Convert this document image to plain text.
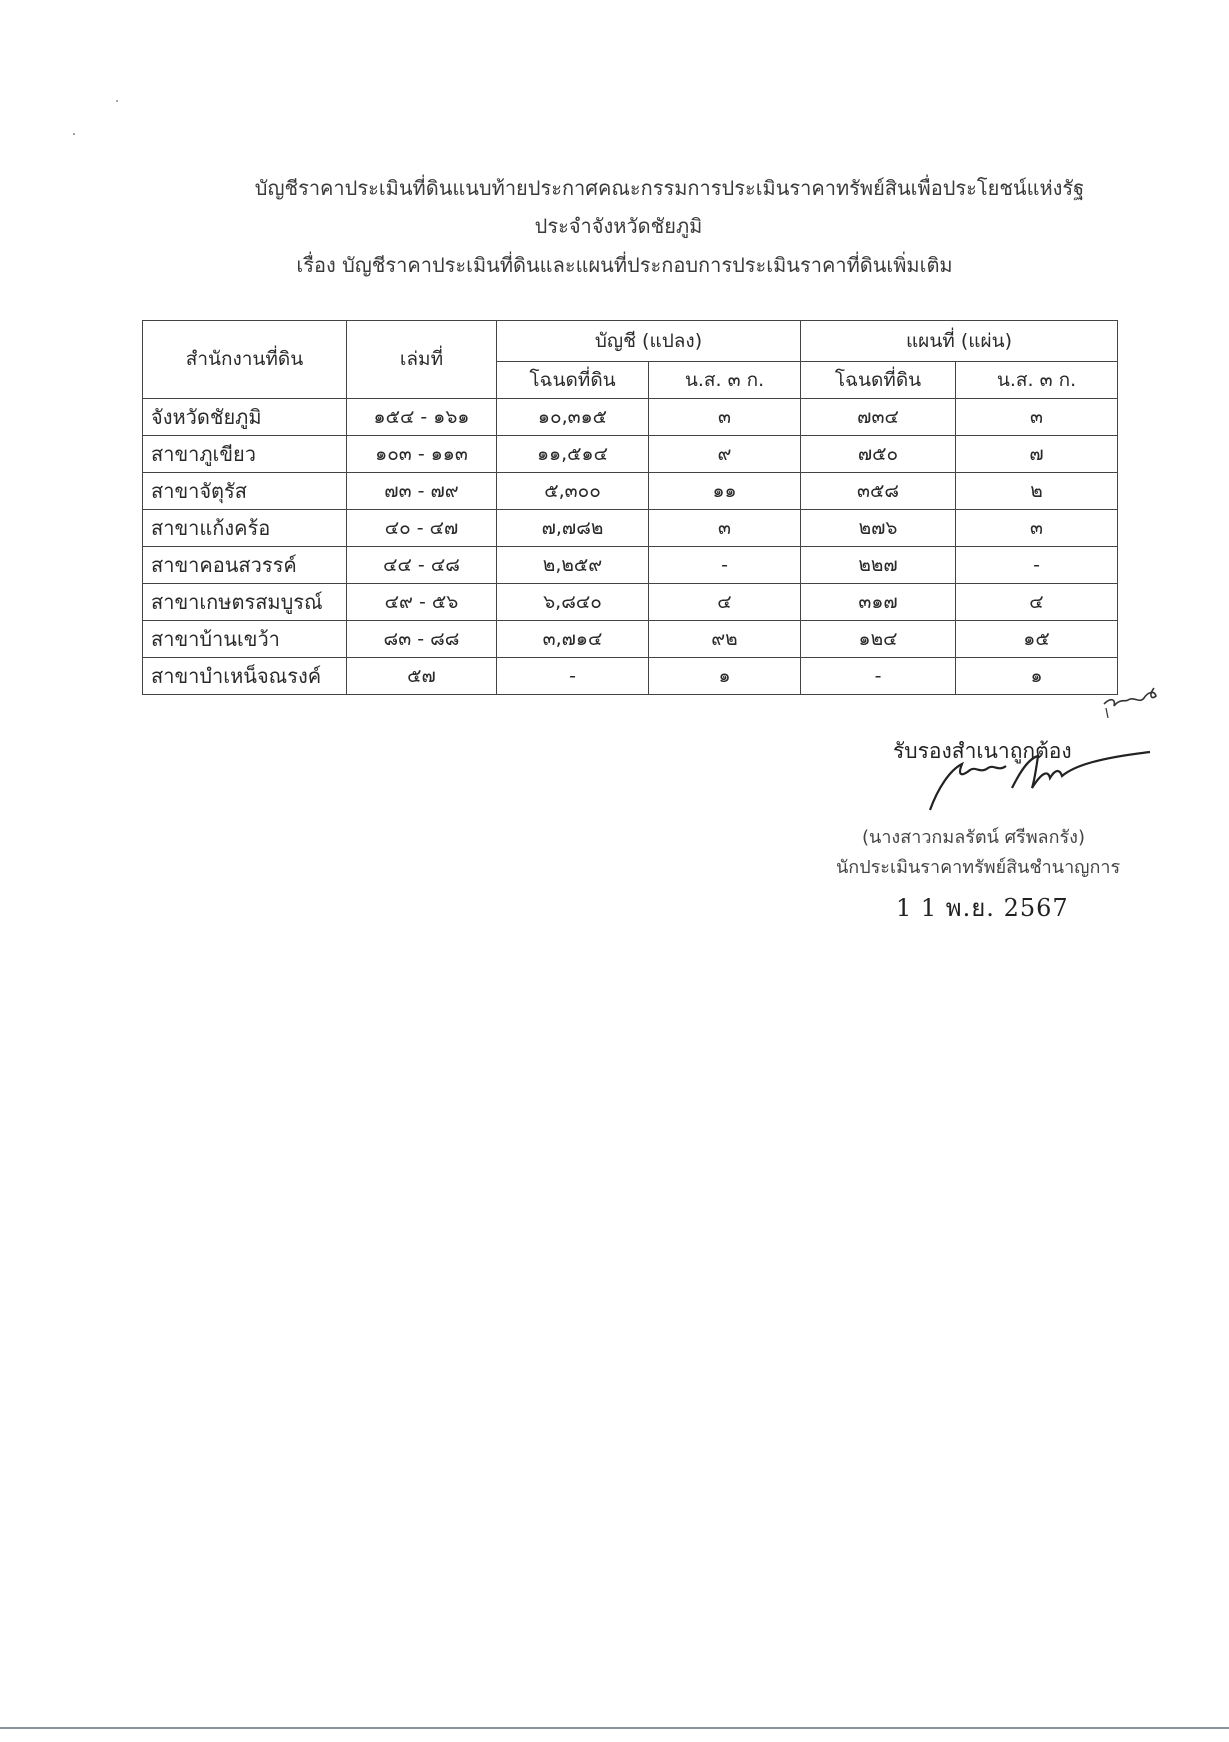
บัญชีราคาประเมินที่ดินแนบท้ายประกาศคณะกรรมการประเมินราคาทรัพย์สินเพื่อประโยชน์แห่งรัฐ
ประจำจังหวัดชัยภูมิ
เรื่อง บัญชีราคาประเมินที่ดินและแผนที่ประกอบการประเมินราคาที่ดินเพิ่มเติม
สำนักงานที่ดิน	เล่มที่	บัญชี (แปลง)		แผนที่ (แผ่น)	
		โฉนดที่ดิน	น.ส. ๓ ก.	โฉนดที่ดิน	น.ส. ๓ ก.
จังหวัดชัยภูมิ	๑๕๔ - ๑๖๑	๑๐,๓๑๕	๓	๗๓๔	๓
สาขาภูเขียว	๑๐๓ - ๑๑๓	๑๑,๕๑๔	๙	๗๕๐	๗
สาขาจัตุรัส	๗๓ - ๗๙	๕,๓๐๐	๑๑	๓๕๘	๒
สาขาแก้งคร้อ	๔๐ - ๔๗	๗,๗๘๒	๓	๒๗๖	๓
สาขาคอนสวรรค์	๔๔ - ๔๘	๒,๒๕๙	-	๒๒๗	-
สาขาเกษตรสมบูรณ์	๔๙ - ๕๖	๖,๘๔๐	๔	๓๑๗	๔
สาขาบ้านเขว้า	๘๓ - ๘๘	๓,๗๑๔	๙๒	๑๒๔	๑๕
สาขาบำเหน็จณรงค์	๕๗	-	๑	-	๑
รับรองสำเนาถูกต้อง
(นางสาวกมลรัตน์ ศรีพลกรัง)
นักประเมินราคาทรัพย์สินชำนาญการ
1 1 พ.ย. 2567
